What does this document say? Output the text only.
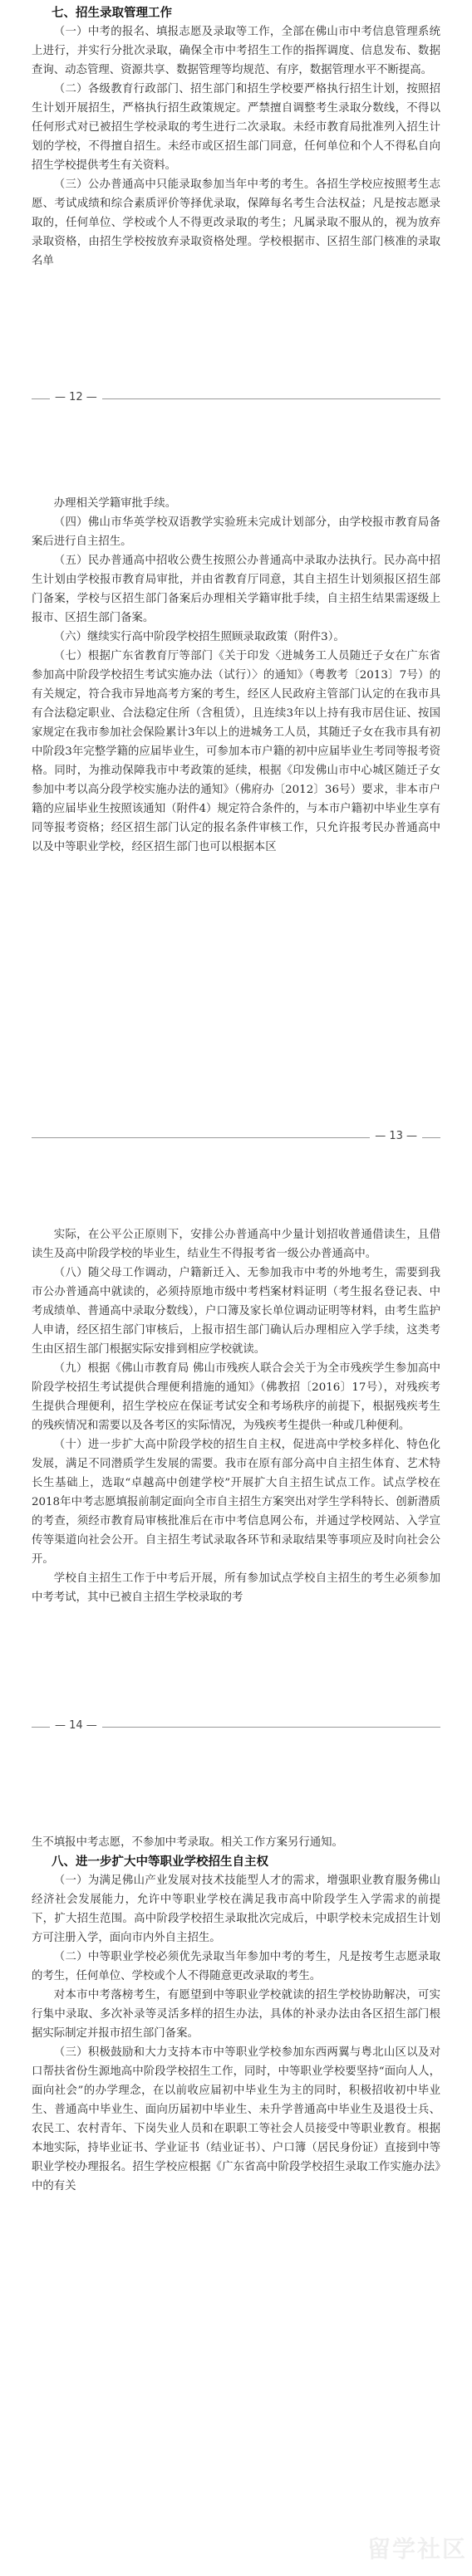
七、招生录取管理工作

（一）中考的报名、填报志愿及录取等工作，全部在佛山市中考信息管理系统上进行，并实行分批次录取，确保全市中考招生工作的指挥调度、信息发布、数据查询、动态管理、资源共享、数据管理等均规范、有序，数据管理水平不断提高。

（二）各级教育行政部门、招生部门和招生学校要严格执行招生计划，按照招生计划开展招生，严格执行招生政策规定。严禁擅自调整考生录取分数线，不得以任何形式对已被招生学校录取的考生进行二次录取。未经市教育局批准列入招生计划的学校，不得擅自招生。未经市或区招生部门同意，任何单位和个人不得私自向招生学校提供考生有关资料。

（三）公办普通高中只能录取参加当年中考的考生。各招生学校应按照考生志愿、考试成绩和综合素质评价等择优录取，保障每名考生合法权益；凡是按志愿录取的，任何单位、学校或个人不得更改录取的考生；凡属录取不服从的，视为放弃录取资格，由招生学校按放弃录取资格处理。学校根据市、区招生部门核准的录取名单

— 12 —

办理相关学籍审批手续。

（四）佛山市华英学校双语教学实验班未完成计划部分，由学校报市教育局备案后进行自主招生。

（五）民办普通高中招收公费生按照公办普通高中录取办法执行。民办高中招生计划由学校报市教育局审批，并由省教育厅同意，其自主招生计划须报区招生部门备案，学校与区招生部门备案后办理相关学籍审批手续，自主招生结果需逐级上报市、区招生部门备案。

（六）继续实行高中阶段学校招生照顾录取政策（附件3）。

（七）根据广东省教育厅等部门《关于印发〈进城务工人员随迁子女在广东省参加高中阶段学校招生考试实施办法（试行）〉的通知》（粤教考〔2013〕7号）的有关规定，符合我市异地高考方案的考生，经区人民政府主管部门认定的在我市具有合法稳定职业、合法稳定住所（含租赁），且连续3年以上持有我市居住证、按国家规定在我市参加社会保险累计3年以上的进城务工人员，其随迁子女在我市具有初中阶段3年完整学籍的应届毕业生，可参加本市户籍的初中应届毕业生考同等报考资格。同时，为推动保障我市中考政策的延续，根据《印发佛山市中心城区随迁子女参加中考以高分段学校实施办法的通知》（佛府办〔2012〕36号）要求，非本市户籍的应届毕业生按照该通知（附件4）规定符合条件的，与本市户籍初中毕业生享有同等报考资格；经区招生部门认定的报名条件审核工作，只允许报考民办普通高中以及中等职业学校，经区招生部门也可以根据本区

— 13 —

实际，在公平公正原则下，安排公办普通高中少量计划招收普通借读生，且借读生及高中阶段学校的毕业生，结业生不得报考省一级公办普通高中。

（八）随父母工作调动，户籍新迁入、无参加我市中考的外地考生，需要到我市公办普通高中就读的，必须持原地市级中考档案材料证明（考生报名登记表、中考成绩单、普通高中录取分数线），户口簿及家长单位调动证明等材料，由考生监护人申请，经区招生部门审核后，上报市招生部门确认后办理相应入学手续，这类考生由区招生部门根据实际安排到相应学校就读。

（九）根据《佛山市教育局 佛山市残疾人联合会关于为全市残疾学生参加高中阶段学校招生考试提供合理便利措施的通知》（佛教招〔2016〕17号），对残疾考生提供合理便利，招生学校应在保证考试安全和考场秩序的前提下，根据残疾考生的残疾情况和需要以及各考区的实际情况，为残疾考生提供一种或几种便利。

（十）进一步扩大高中阶段学校的招生自主权，促进高中学校多样化、特色化发展，满足不同潜质学生发展的需要。我市在原有部分高中自主招生体育、艺术特长生基础上，选取“卓越高中创建学校”开展扩大自主招生试点工作。试点学校在2018年中考志愿填报前制定面向全市自主招生方案突出对学生学科特长、创新潜质的考查，须经市教育局审核批准后在市中考信息网公布，并通过学校网站、入学宣传等渠道向社会公开。自主招生考试录取各环节和录取结果等事项应及时向社会公开。

学校自主招生工作于中考后开展，所有参加试点学校自主招生的考生必须参加中考考试，其中已被自主招生学校录取的考

— 14 —

生不填报中考志愿，不参加中考录取。相关工作方案另行通知。

八、进一步扩大中等职业学校招生自主权

（一）为满足佛山产业发展对技术技能型人才的需求，增强职业教育服务佛山经济社会发展能力，允许中等职业学校在满足我市高中阶段学生入学需求的前提下，扩大招生范围。高中阶段学校招生录取批次完成后，中职学校未完成招生计划方可注册入学，面向市内外自主招生。

（二）中等职业学校必须优先录取当年参加中考的考生，凡是按考生志愿录取的考生，任何单位、学校或个人不得随意更改录取的考生。

对本市中考落榜考生，有愿望到中等职业学校就读的招生学校协助解决，可实行集中录取、多次补录等灵活多样的招生办法，具体的补录办法由各区招生部门根据实际制定并报市招生部门备案。

（三）积极鼓励和大力支持本市中等职业学校参加东西两翼与粤北山区以及对口帮扶省份生源地高中阶段学校招生工作，同时，中等职业学校要坚持“面向人人，面向社会”的办学理念，在以前收应届初中毕业生为主的同时，积极招收初中毕业生、普通高中毕业生、面向历届初中毕业生、未升学普通高中毕业生及退役士兵、农民工、农村青年、下岗失业人员和在职职工等社会人员接受中等职业教育。根据本地实际，持毕业证书、学业证书（结业证书）、户口簿（居民身份证）直接到中等职业学校办理报名。招生学校应根据《广东省高中阶段学校招生录取工作实施办法》中的有关

留学社区
